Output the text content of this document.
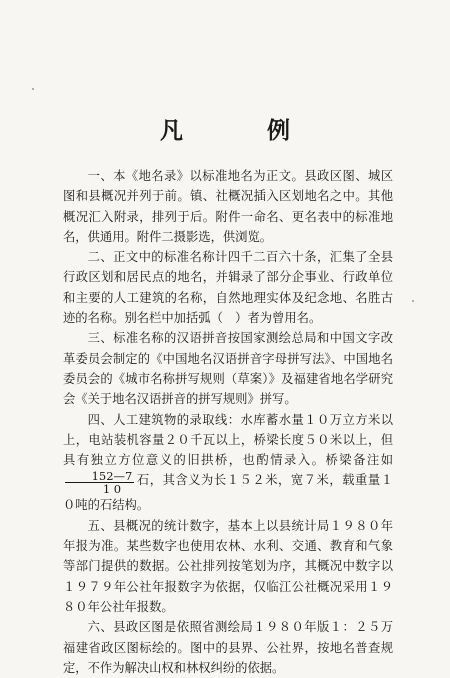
凡 例

一、本《地名录》以标准地名为正文。县政区图、城区图和县概况并列于前。镇、社概况插入区划地名之中。其他概况汇入附录，排列于后。附件一命名、更名表中的标准地名，供通用。附件二摄影选，供浏览。

二、正文中的标准名称计四千二百六十条，汇集了全县行政区划和居民点的地名，并辑录了部分企事业、行政单位和主要的人工建筑的名称，自然地理实体及纪念地、名胜古迹的名称。别名栏中加括弧（　）者为曾用名。

三、标准名称的汉语拼音按国家测绘总局和中国文字改革委员会制定的《中国地名汉语拼音字母拼写法》、中国地名委员会的《城市名称拼写规则（草案）》及福建省地名学研究会《关于地名汉语拼音的拼写规则》拼写。

四、人工建筑物的录取线：水库蓄水量１０万立方米以上，电站装机容量２０千瓦以上，桥梁长度５０米以上，但具有独立方位意义的旧拱桥，也酌情录入。桥梁备注如
$\frac{152—7}{1 0}$ 石，其含义为长１５２米，宽７米，载重量１０吨的石结构。

五、县概况的统计数字，基本上以县统计局１９８０年年报为准。某些数字也使用农林、水利、交通、教育和气象等部门提供的数据。公社排列按笔划为序，其概况中数字以１９７９年公社年报数字为依据，仅临江公社概况采用１９８０年公社年报数。

六、县政区图是依照省测绘局１９８０年版１：２５万福建省政区图标绘的。图中的县界、公社界，按地名普查规定，不作为解决山权和林权纠纷的依据。
